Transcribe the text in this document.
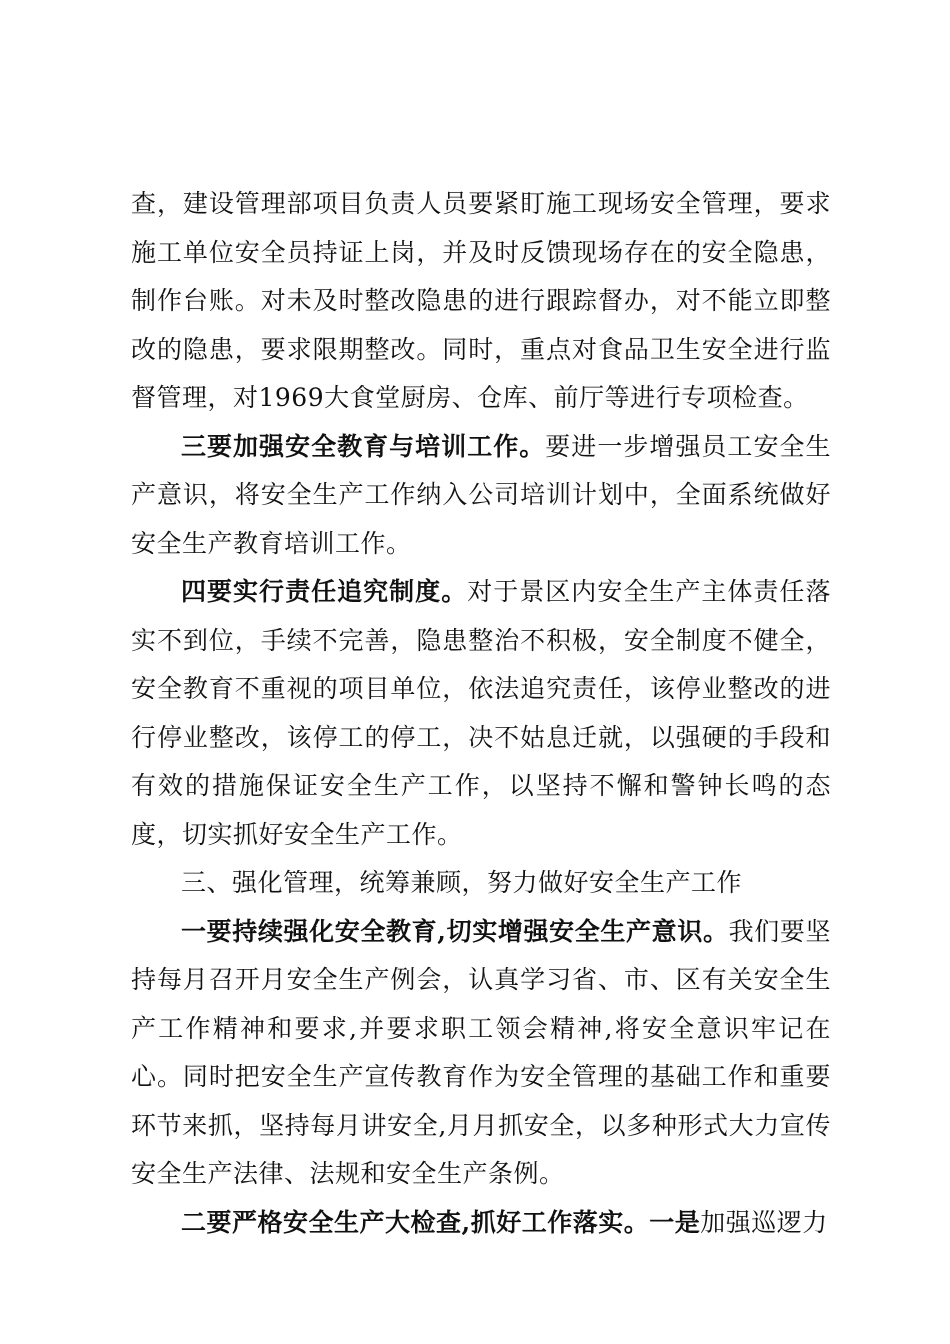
查，建设管理部项目负责人员要紧盯施工现场安全管理，要求施工单位安全员持证上岗，并及时反馈现场存在的安全隐患，制作台账。对未及时整改隐患的进行跟踪督办，对不能立即整改的隐患，要求限期整改。同时，重点对食品卫生安全进行监督管理，对1969大食堂厨房、仓库、前厅等进行专项检查。

三要加强安全教育与培训工作。要进一步增强员工安全生产意识，将安全生产工作纳入公司培训计划中，全面系统做好安全生产教育培训工作。

四要实行责任追究制度。对于景区内安全生产主体责任落实不到位，手续不完善，隐患整治不积极，安全制度不健全，安全教育不重视的项目单位，依法追究责任，该停业整改的进行停业整改，该停工的停工，决不姑息迁就，以强硬的手段和有效的措施保证安全生产工作，以坚持不懈和警钟长鸣的态度，切实抓好安全生产工作。

三、强化管理，统筹兼顾，努力做好安全生产工作

一要持续强化安全教育,切实增强安全生产意识。我们要坚持每月召开月安全生产例会，认真学习省、市、区有关安全生产工作精神和要求,并要求职工领会精神,将安全意识牢记在心。同时把安全生产宣传教育作为安全管理的基础工作和重要环节来抓，坚持每月讲安全,月月抓安全，以多种形式大力宣传安全生产法律、法规和安全生产条例。

二要严格安全生产大检查,抓好工作落实。一是加强巡逻力
